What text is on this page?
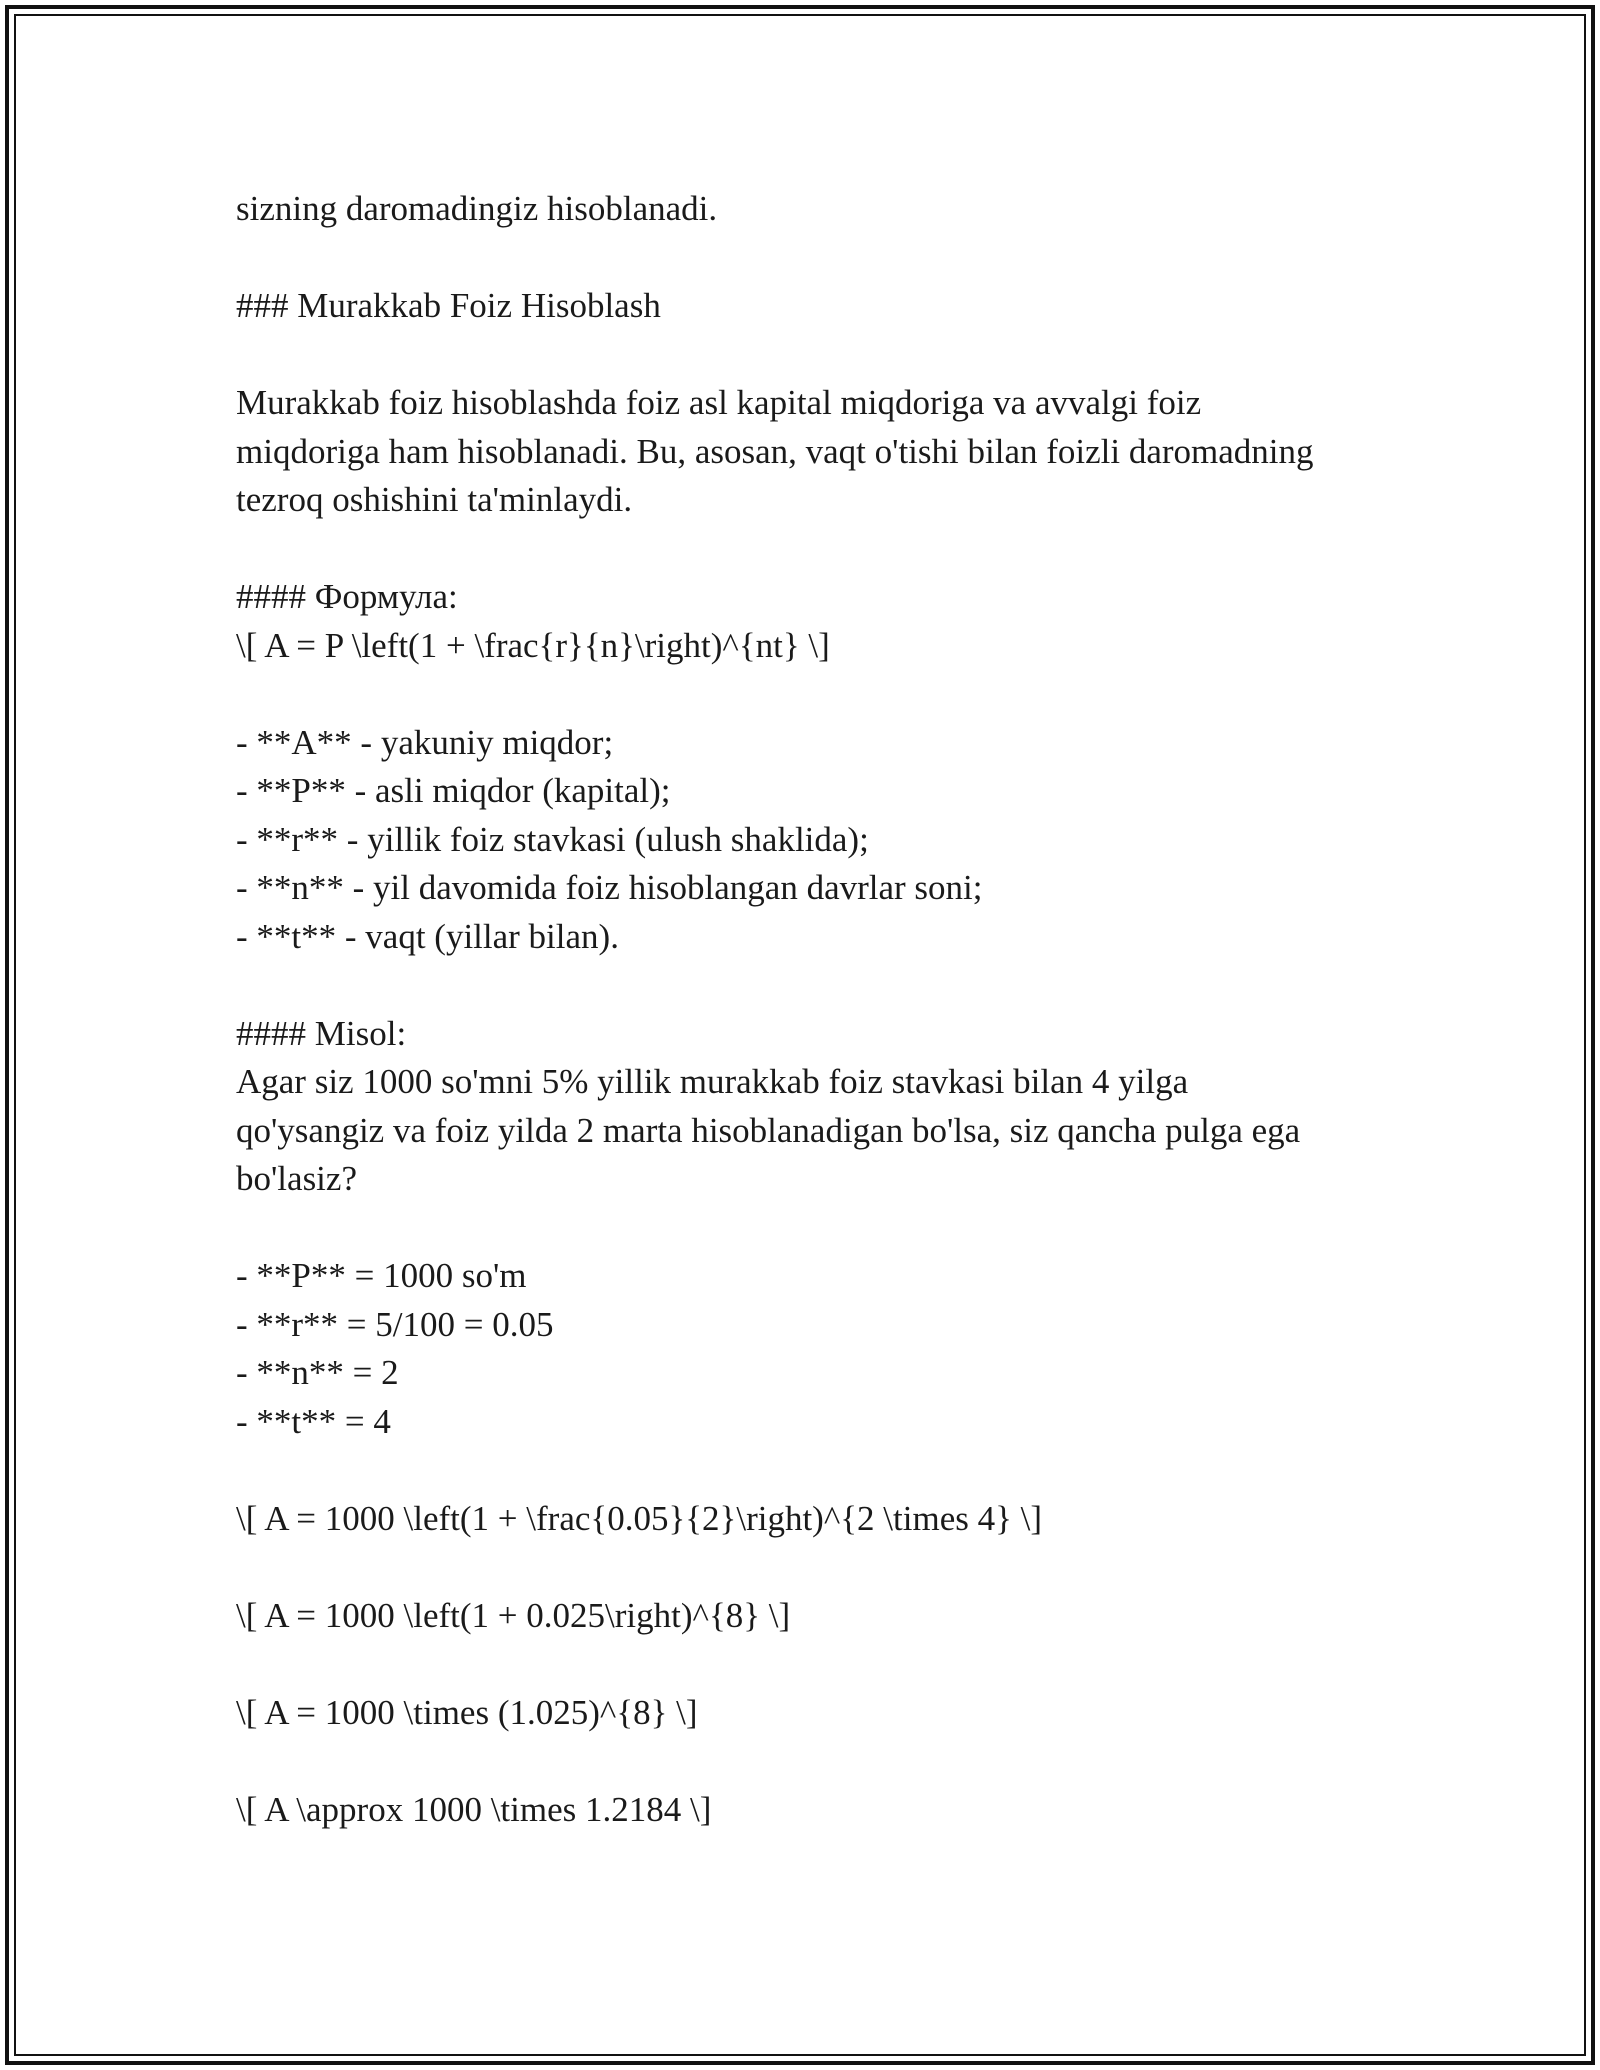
sizning daromadingiz hisoblanadi.

### Murakkab Foiz Hisoblash

Murakkab foiz hisoblashda foiz asl kapital miqdoriga va avvalgi foiz

miqdoriga ham hisoblanadi. Bu, asosan, vaqt o'tishi bilan foizli daromadning

tezroq oshishini ta'minlaydi.

#### Формула:

\[ A = P \left(1 + \frac{r}{n}\right)^{nt} \]

- **A** - yakuniy miqdor;

- **P** - asli miqdor (kapital);

- **r** - yillik foiz stavkasi (ulush shaklida);

- **n** - yil davomida foiz hisoblangan davrlar soni;

- **t** - vaqt (yillar bilan).

#### Misol:

Agar siz 1000 so'mni 5% yillik murakkab foiz stavkasi bilan 4 yilga

qo'ysangiz va foiz yilda 2 marta hisoblanadigan bo'lsa, siz qancha pulga ega

bo'lasiz?

- **P** = 1000 so'm

- **r** = 5/100 = 0.05

- **n** = 2

- **t** = 4

\[ A = 1000 \left(1 + \frac{0.05}{2}\right)^{2 \times 4} \]

\[ A = 1000 \left(1 + 0.025\right)^{8} \]

\[ A = 1000 \times (1.025)^{8} \]

\[ A \approx 1000 \times 1.2184 \]
